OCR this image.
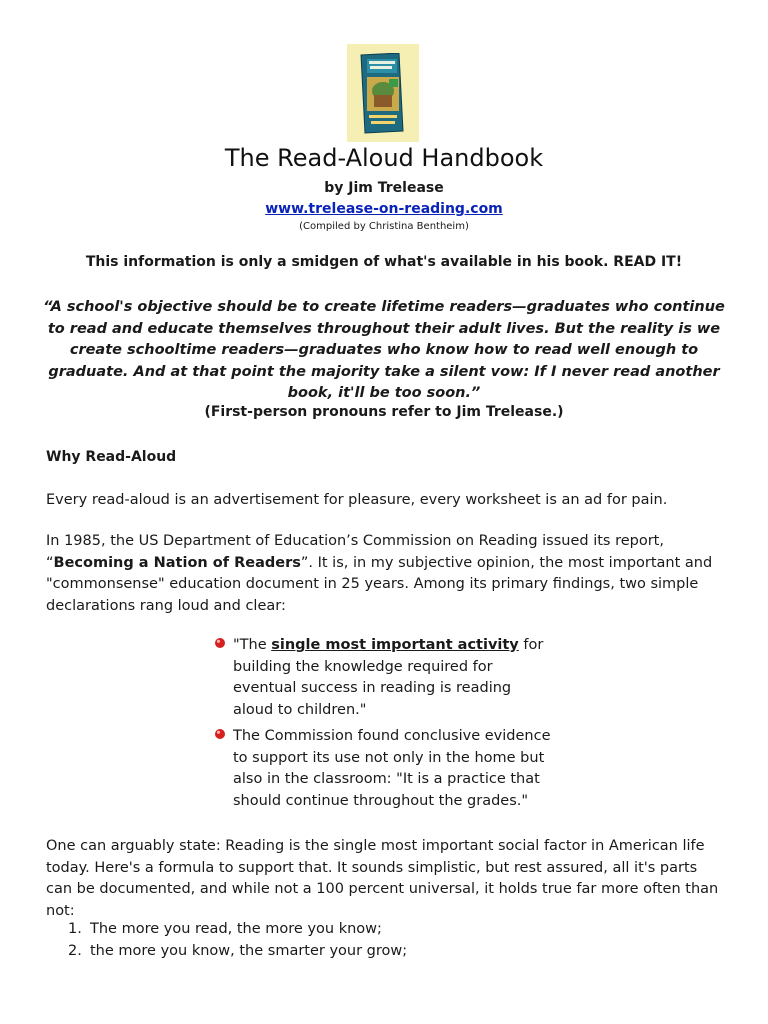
The Read-Aloud Handbook
by Jim Trelease
www.trelease-on-reading.com
(Compiled by Christina Bentheim)
This information is only a smidgen of what's available in his book. READ IT!
“A school's objective should be to create lifetime readers—graduates who continue to read and educate themselves throughout their adult lives. But the reality is we create schooltime readers—graduates who know how to read well enough to graduate. And at that point the majority take a silent vow: If I never read another book, it'll be too soon.”
(First-person pronouns refer to Jim Trelease.)
Why Read-Aloud
Every read-aloud is an advertisement for pleasure, every worksheet is an ad for pain.
In 1985, the US Department of Education’s Commission on Reading issued its report, “Becoming a Nation of Readers”. It is, in my subjective opinion, the most important and "commonsense" education document in 25 years. Among its primary findings, two simple declarations rang loud and clear:
"The single most important activity for building the knowledge required for eventual success in reading is reading aloud to children."
The Commission found conclusive evidence to support its use not only in the home but also in the classroom: "It is a practice that should continue throughout the grades."
One can arguably state: Reading is the single most important social factor in American life today. Here's a formula to support that. It sounds simplistic, but rest assured, all it's parts can be documented, and while not a 100 percent universal, it holds true far more often than not:
1. The more you read, the more you know;
2. the more you know, the smarter your grow;
